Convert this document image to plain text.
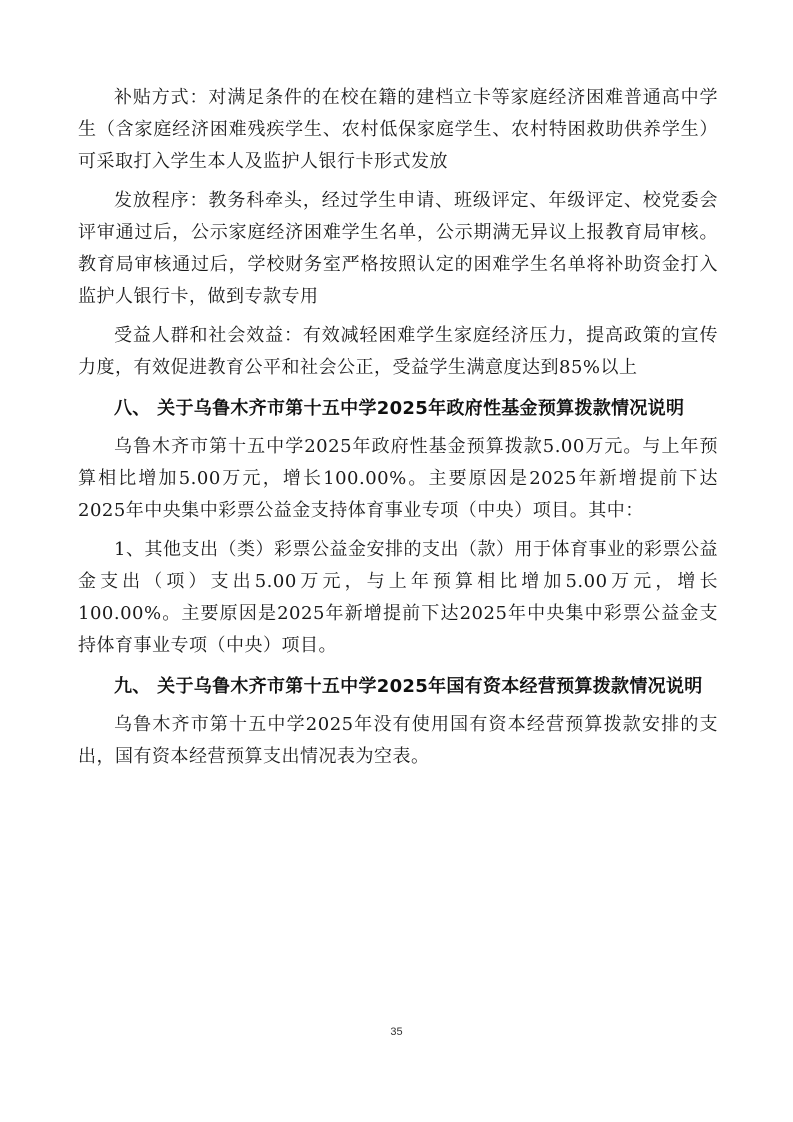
补贴方式：对满足条件的在校在籍的建档立卡等家庭经济困难普通高中学生（含家庭经济困难残疾学生、农村低保家庭学生、农村特困救助供养学生）可采取打入学生本人及监护人银行卡形式发放

发放程序：教务科牵头，经过学生申请、班级评定、年级评定、校党委会评审通过后，公示家庭经济困难学生名单，公示期满无异议上报教育局审核。教育局审核通过后，学校财务室严格按照认定的困难学生名单将补助资金打入监护人银行卡，做到专款专用

受益人群和社会效益：有效减轻困难学生家庭经济压力，提高政策的宣传力度，有效促进教育公平和社会公正，受益学生满意度达到85%以上

八、 关于乌鲁木齐市第十五中学2025年政府性基金预算拨款情况说明

乌鲁木齐市第十五中学2025年政府性基金预算拨款5.00万元。与上年预算相比增加5.00万元，增长100.00%。主要原因是2025年新增提前下达2025年中央集中彩票公益金支持体育事业专项（中央）项目。其中：

1、其他支出（类）彩票公益金安排的支出（款）用于体育事业的彩票公益金支出（项）支出5.00万元，与上年预算相比增加5.00万元，增长100.00%。主要原因是2025年新增提前下达2025年中央集中彩票公益金支持体育事业专项（中央）项目。

九、 关于乌鲁木齐市第十五中学2025年国有资本经营预算拨款情况说明

乌鲁木齐市第十五中学2025年没有使用国有资本经营预算拨款安排的支出，国有资本经营预算支出情况表为空表。

35
